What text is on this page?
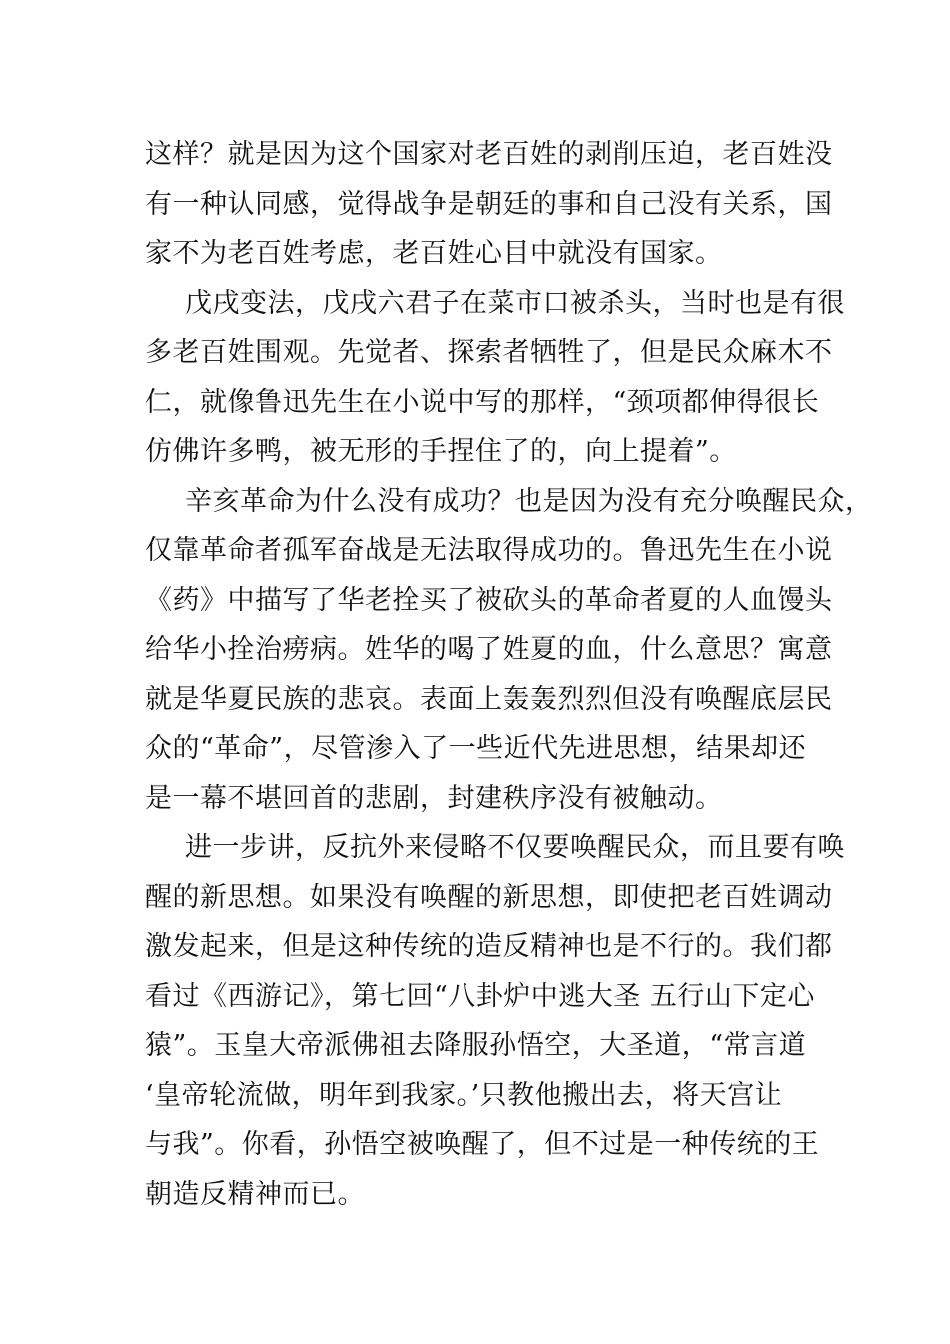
这样？就是因为这个国家对老百姓的剥削压迫，老百姓没
有一种认同感，觉得战争是朝廷的事和自己没有关系，国
家不为老百姓考虑，老百姓心目中就没有国家。
戊戌变法，戊戌六君子在菜市口被杀头，当时也是有很
多老百姓围观。先觉者、探索者牺牲了，但是民众麻木不
仁，就像鲁迅先生在小说中写的那样，“颈项都伸得很长
仿佛许多鸭，被无形的手捏住了的，向上提着”。
辛亥革命为什么没有成功？也是因为没有充分唤醒民众，
仅靠革命者孤军奋战是无法取得成功的。鲁迅先生在小说
《药》中描写了华老拴买了被砍头的革命者夏的人血馒头
给华小拴治痨病。姓华的喝了姓夏的血，什么意思？寓意
就是华夏民族的悲哀。表面上轰轰烈烈但没有唤醒底层民
众的“革命”，尽管渗入了一些近代先进思想，结果却还
是一幕不堪回首的悲剧，封建秩序没有被触动。
进一步讲，反抗外来侵略不仅要唤醒民众，而且要有唤
醒的新思想。如果没有唤醒的新思想，即使把老百姓调动
激发起来，但是这种传统的造反精神也是不行的。我们都
看过《西游记》，第七回“八卦炉中逃大圣 五行山下定心
猿”。玉皇大帝派佛祖去降服孙悟空，大圣道，“常言道
‘皇帝轮流做，明年到我家。’只教他搬出去，将天宫让
与我”。你看，孙悟空被唤醒了，但不过是一种传统的王
朝造反精神而已。
